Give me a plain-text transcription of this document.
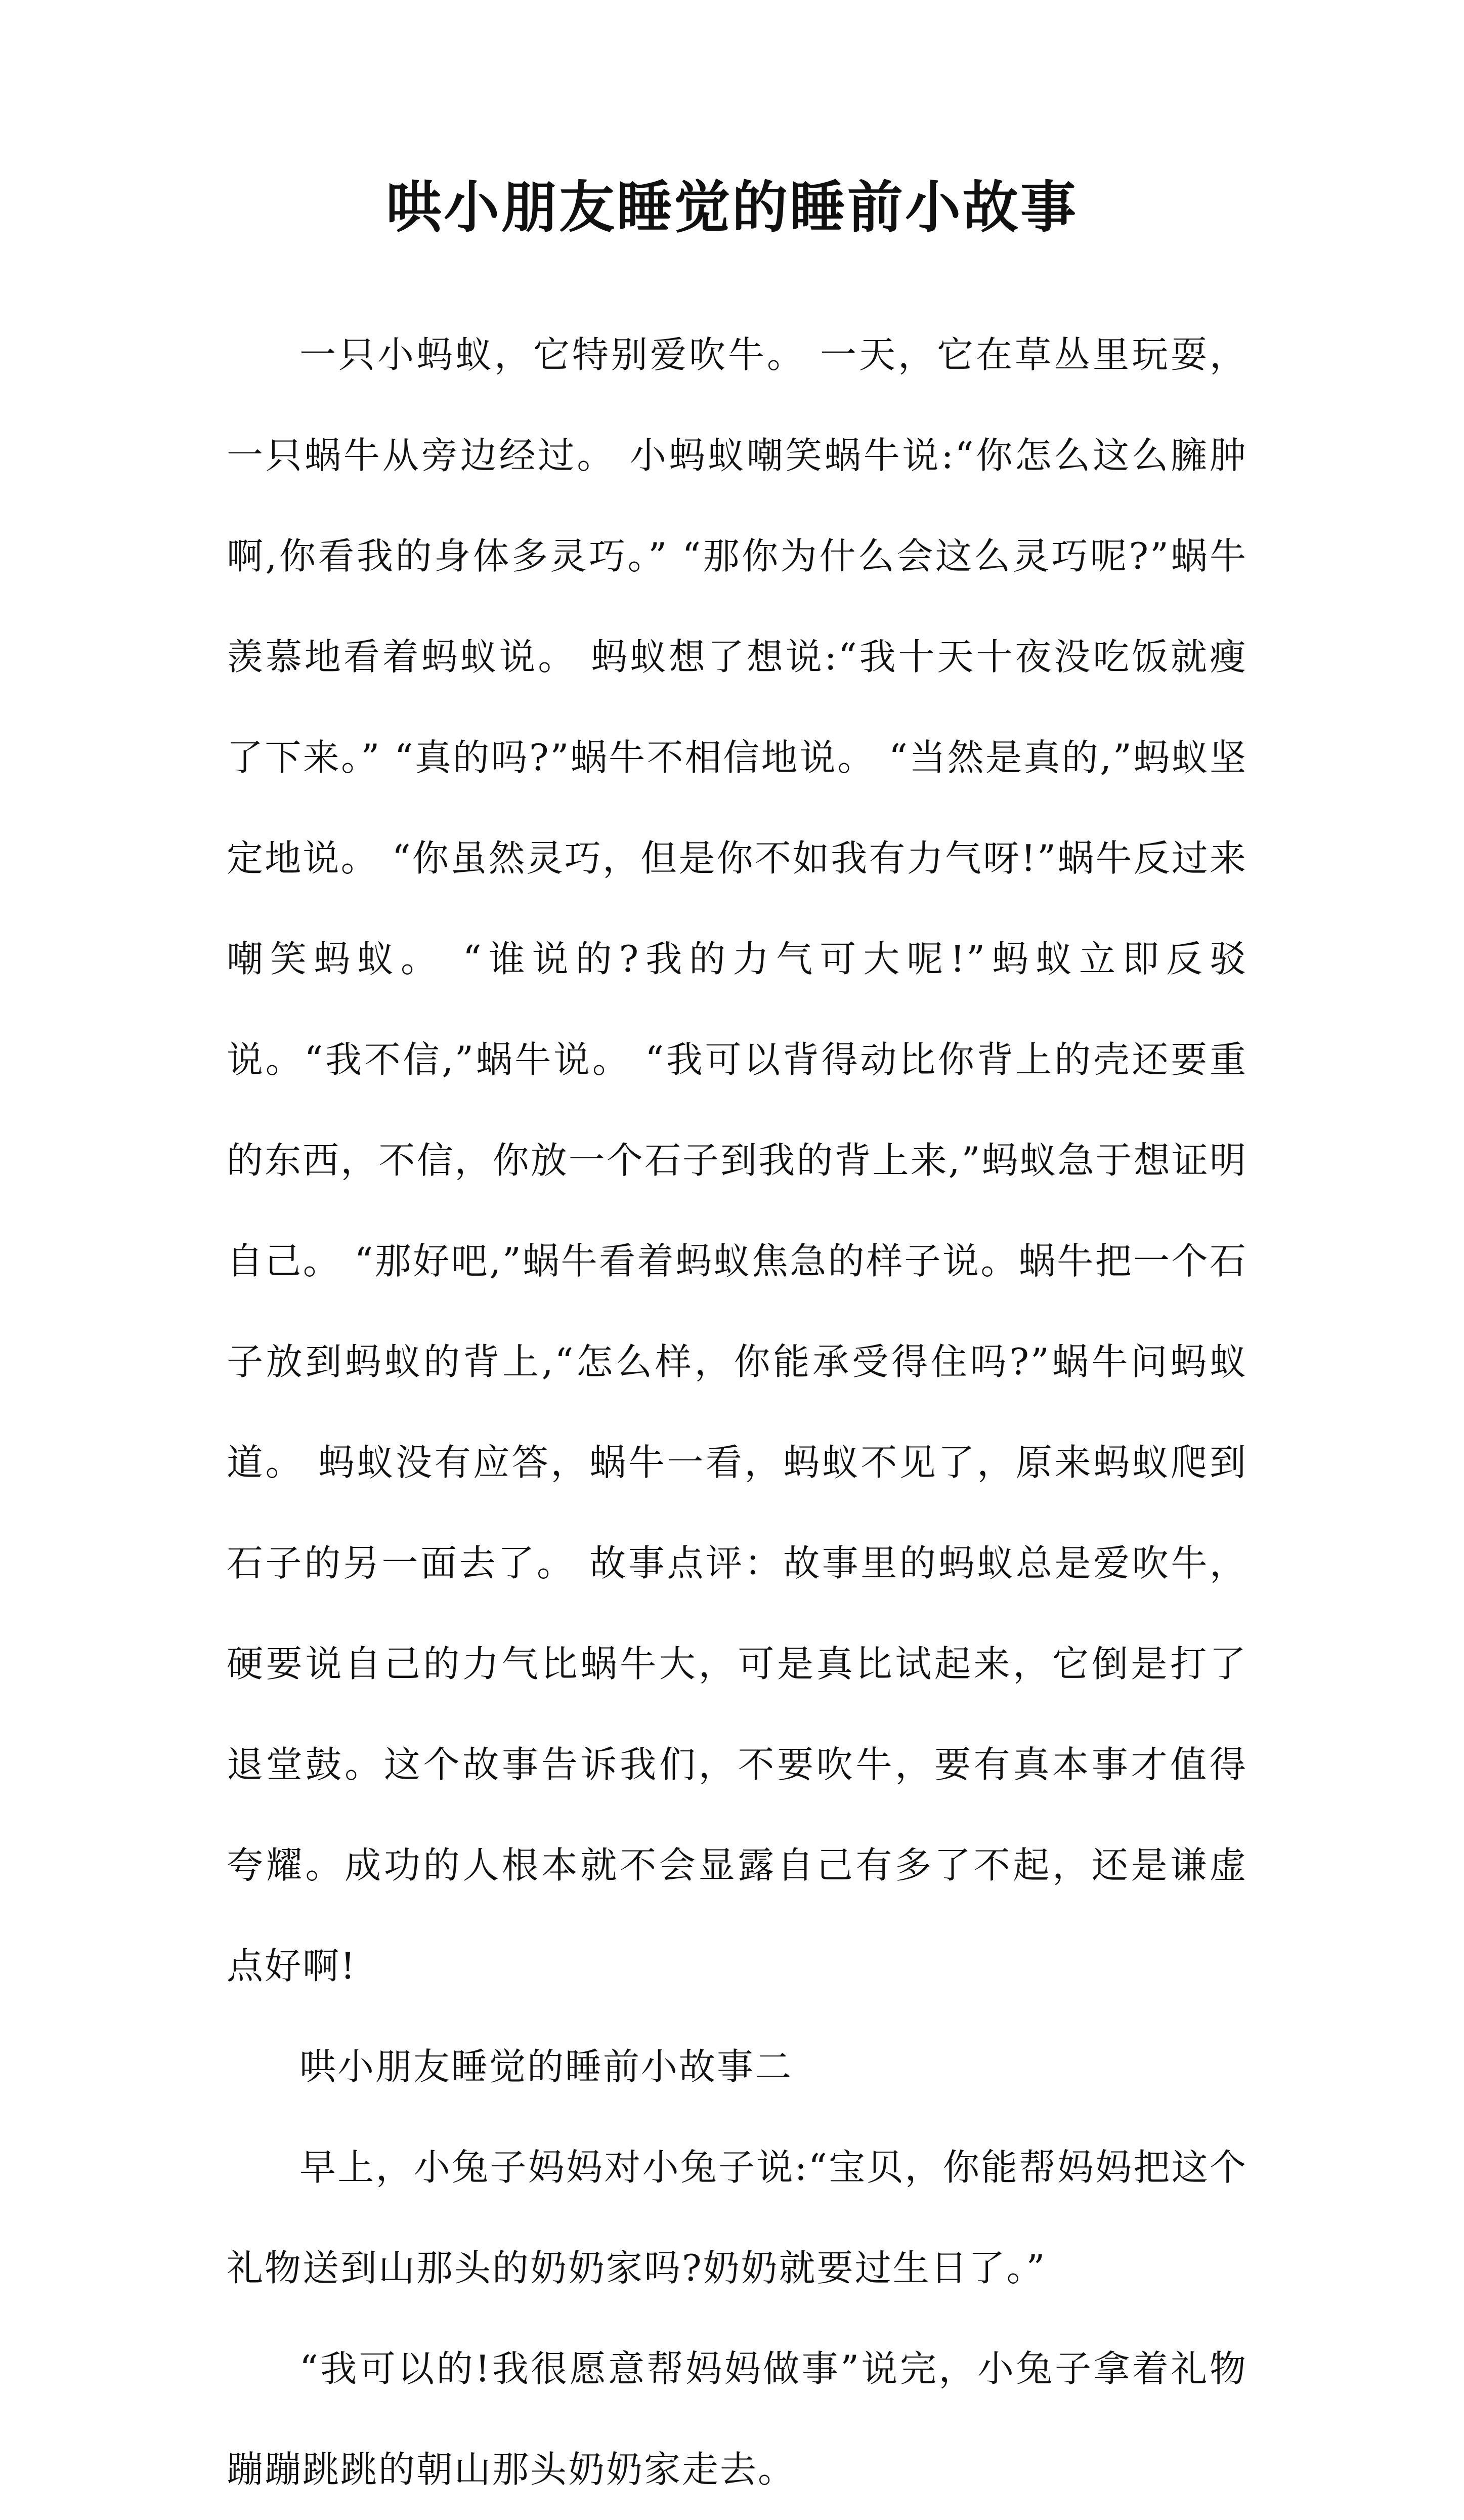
哄小朋友睡觉的睡前小故事

一只小蚂蚁，它特别爱吹牛。 一天，它在草丛里玩耍，一只蜗牛从旁边经过。 小蚂蚁嘲笑蜗牛说:“你怎么这么臃肿啊,你看我的身体多灵巧。” “那你为什么会这么灵巧呢?”蜗牛羡慕地看着蚂蚁说。 蚂蚁想了想说:“我十天十夜没吃饭就瘦了下来。” “真的吗?”蜗牛不相信地说。 “当然是真的,”蚂蚁坚定地说。 “你虽然灵巧，但是你不如我有力气呀!”蜗牛反过来嘲笑蚂蚁。 “谁说的?我的力气可大呢!”蚂蚁立即反驳说。“我不信,”蜗牛说。 “我可以背得动比你背上的壳还要重的东西，不信，你放一个石子到我的背上来,”蚂蚁急于想证明自己。 “那好吧,”蜗牛看着蚂蚁焦急的样子说。蜗牛把一个石子放到蚂蚁的背上,“怎么样，你能承受得住吗?”蜗牛问蚂蚁道。 蚂蚁没有应答，蜗牛一看，蚂蚁不见了，原来蚂蚁爬到石子的另一面去了。 故事点评：故事里的蚂蚁总是爱吹牛，硬要说自己的力气比蜗牛大，可是真比试起来，它倒是打了退堂鼓。这个故事告诉我们，不要吹牛，要有真本事才值得夸耀。成功的人根本就不会显露自己有多了不起，还是谦虚点好啊!

哄小朋友睡觉的睡前小故事二

早上，小兔子妈妈对小兔子说:“宝贝，你能帮妈妈把这个礼物送到山那头的奶奶家吗?奶奶就要过生日了。”

“我可以的!我很愿意帮妈妈做事”说完，小兔子拿着礼物蹦蹦跳跳的朝山那头奶奶家走去。
